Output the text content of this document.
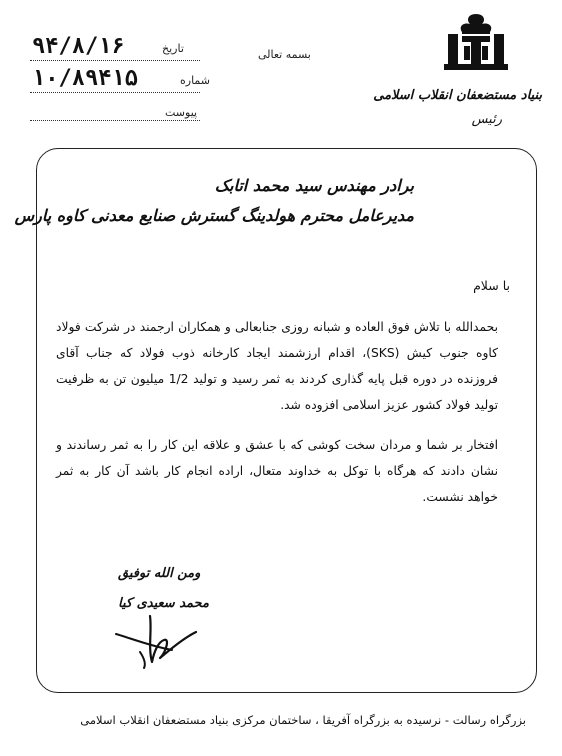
بسمه تعالی
۹۴/۸/۱۶	تاریخ
۱۰/۸۹۴۱۵	شماره
پیوست
بنیاد مستضعفان انقلاب اسلامی
رئیس
برادر مهندس سید محمد اتابک
مدیرعامل محترم هولدینگ گسترش صنایع معدنی کاوه پارس
با سلام
بحمدالله با تلاش فوق العاده و شبانه روزی جنابعالی و همکاران ارجمند در شرکت فولاد کاوه جنوب کیش (SKS)، اقدام ارزشمند ایجاد کارخانه ذوب فولاد که جناب آقای فروزنده در دوره قبل پایه گذاری کردند به ثمر رسید و تولید 1/2 میلیون تن به ظرفیت تولید فولاد کشور عزیز اسلامی افزوده شد.
افتخار بر شما و مردان سخت کوشی که با عشق و علاقه این کار را به ثمر رساندند و نشان دادند که هرگاه با توکل به خداوند متعال، اراده انجام کار باشد آن کار به ثمر خواهد نشست.
ومن الله توفیق
محمد سعیدی کیا
بزرگراه رسالت - نرسیده به بزرگراه آفریقا ، ساختمان مرکزی بنیاد مستضعفان انقلاب اسلامی
